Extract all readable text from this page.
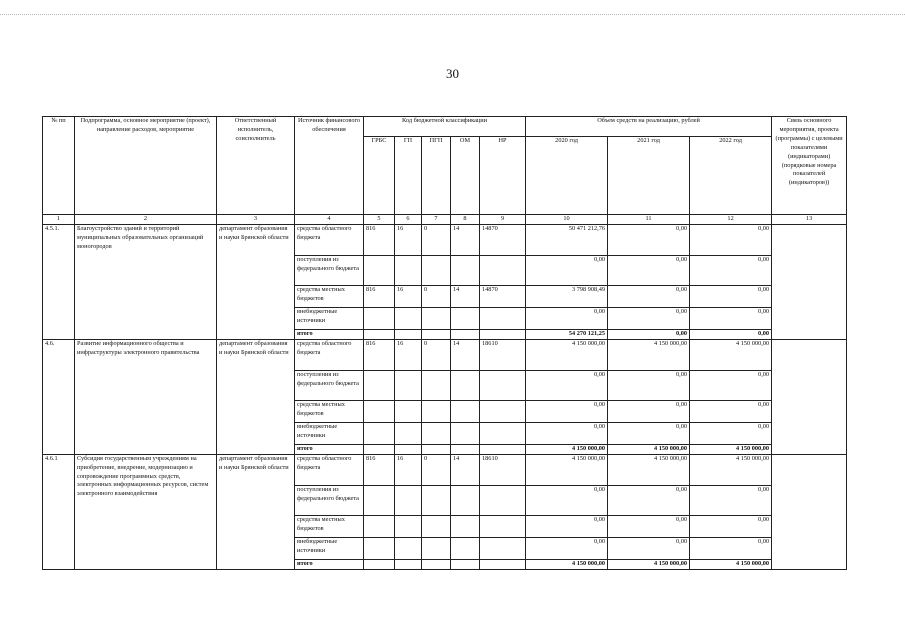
30
№ пп	Подпрограмма, основное мероприятие (проект), направление расходов, мероприятие	Ответственный исполнитель, соисполнитель	Источник финансового обеспечения	Код бюджетной классификации					Объем средств на реализацию, рублей			Связь основного мероприятия, проекта (программы) с целевыми показателями (индикаторами) (порядковые номера показателей (индикаторов))
				ГРБС	ГП	ПГП	ОМ	НР	2020 год	2021 год	2022 год	
1	2	3	4	5	6	7	8	9	10	11	12	13
4.5.1.	Благоустройство зданий и территорий муниципальных образовательных организаций моногородов	департамент образования и науки Брянской области	средства областного бюджета	816	16	0	14	14870	50 471 212,76	0,00	0,00	
			поступления из федерального бюджета						0,00	0,00	0,00	
			средства местных бюджетов	816	16	0	14	14870	3 798 908,49	0,00	0,00	
			внебюджетные источники						0,00	0,00	0,00	
			итого						54 270 121,25	0,00	0,00	
4.6.	Развитие информационного общества и инфраструктуры электронного правительства	департамент образования и науки Брянской области	средства областного бюджета	816	16	0	14	18610	4 150 000,00	4 150 000,00	4 150 000,00	
			поступления из федерального бюджета						0,00	0,00	0,00	
			средства местных бюджетов						0,00	0,00	0,00	
			внебюджетные источники						0,00	0,00	0,00	
			итого						4 150 000,00	4 150 000,00	4 150 000,00	
4.6.1	Субсидия государственным учреждениям на приобретение, внедрение, модернизацию и сопровождение программных средств, электронных информационных ресурсов, систем электронного взаимодействия	департамент образования и науки Брянской области	средства областного бюджета	816	16	0	14	18610	4 150 000,00	4 150 000,00	4 150 000,00	
			поступления из федерального бюджета						0,00	0,00	0,00	
			средства местных бюджетов						0,00	0,00	0,00	
			внебюджетные источники						0,00	0,00	0,00	
			итого						4 150 000,00	4 150 000,00	4 150 000,00	
